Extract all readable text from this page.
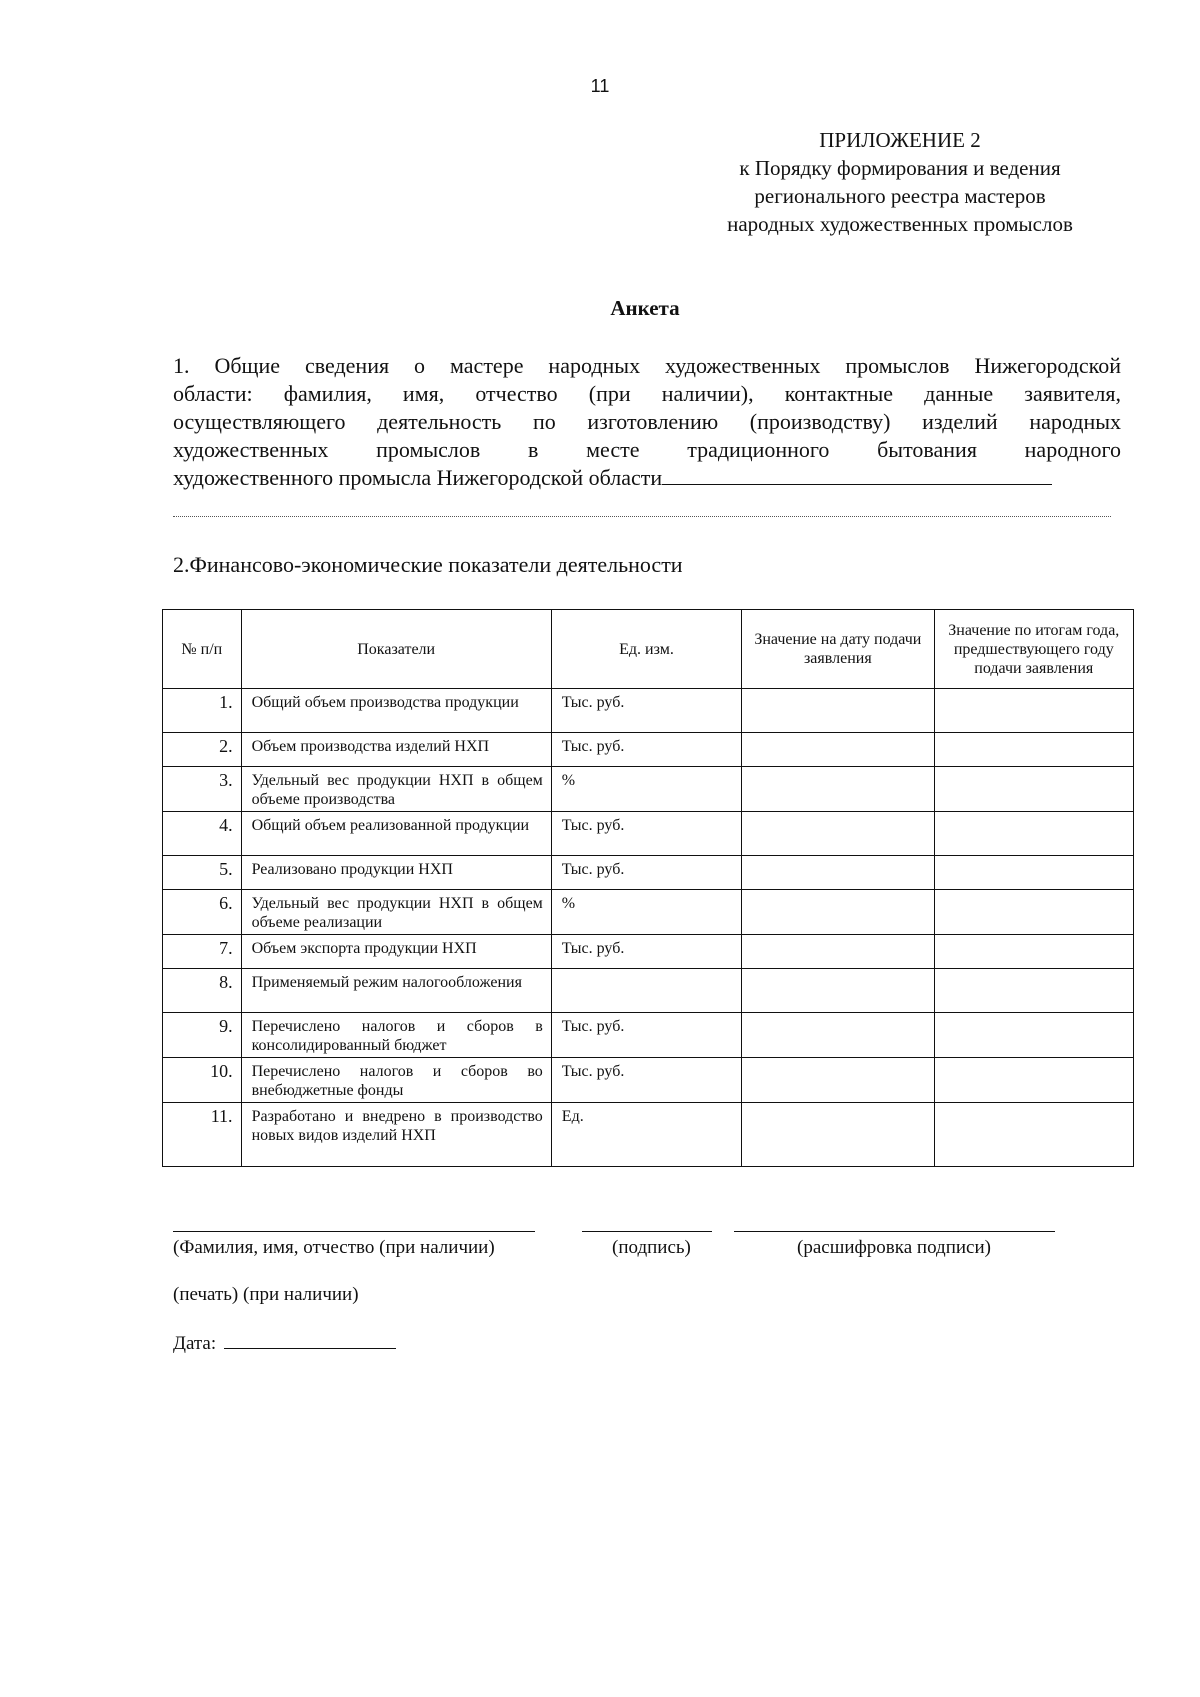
11
ПРИЛОЖЕНИЕ 2
к Порядку формирования и ведения
регионального реестра мастеров
народных художественных промыслов
Анкета
1. Общие сведения о мастере народных художественных промыслов Нижегородской
области: фамилия, имя, отчество (при наличии), контактные данные заявителя,
осуществляющего деятельность по изготовлению (производству) изделий народных
художественных промыслов в месте традиционного бытования народного
художественного промысла Нижегородской области
2.Финансово-экономические показатели деятельности
№ п/п	Показатели	Ед. изм.	Значение на дату подачи заявления	Значение по итогам года, предшествующего году подачи заявления
1.	Общий объем производства продукции	Тыс. руб.		
2.	Объем производства изделий НХП	Тыс. руб.		
3.	Удельный вес продукции НХП в общем объеме производства	%		
4.	Общий объем реализованной продукции	Тыс. руб.		
5.	Реализовано продукции НХП	Тыс. руб.		
6.	Удельный вес продукции НХП в общем объеме реализации	%		
7.	Объем экспорта продукции НХП	Тыс. руб.		
8.	Применяемый режим налогообложения			

9.	Перечислено налогов и сборов в консолидированный бюджет	Тыс. руб.		
10.	Перечислено налогов и сборов во внебюджетные фонды	Тыс. руб.		
11.	Разработано и внедрено в производство новых видов изделий НХП	Ед.		
(Фамилия, имя, отчество (при наличии)	(подпись)	(расшифровка подписи)
(печать) (при наличии)
Дата:
